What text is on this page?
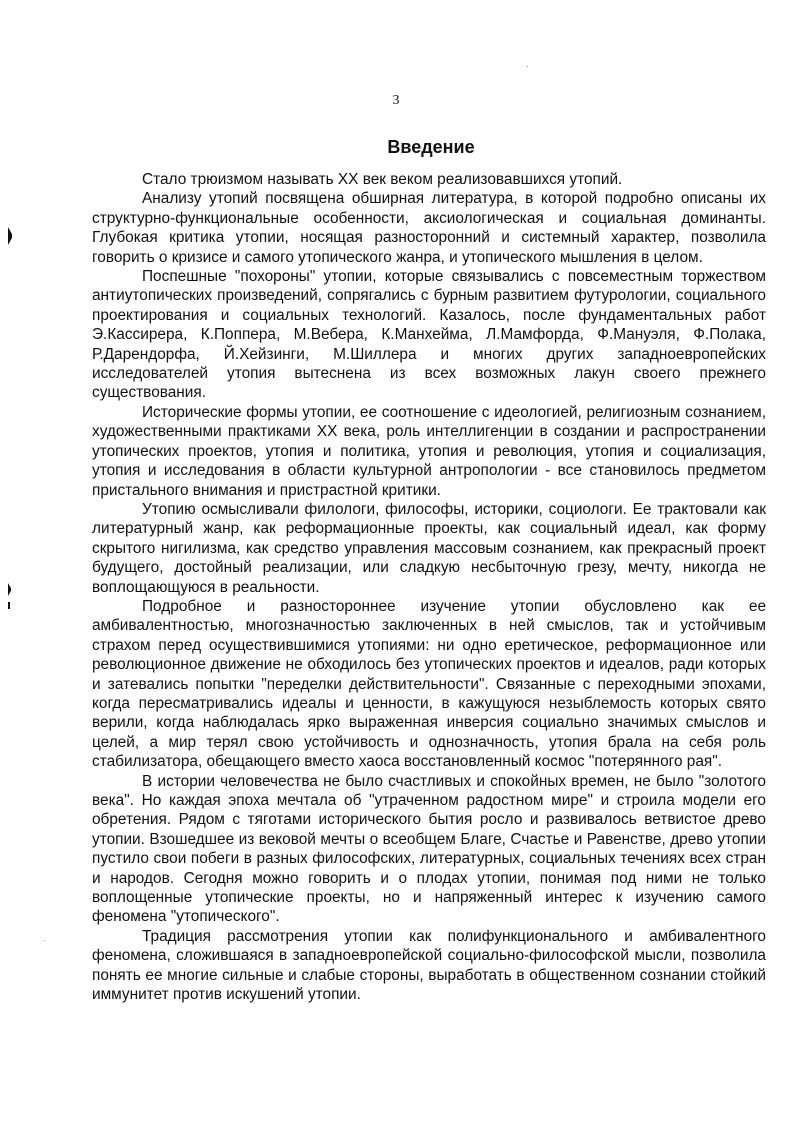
3
Введение

Стало трюизмом называть XX век веком реализовавшихся утопий.

Анализу утопий посвящена обширная литература, в которой подробно описаны их структурно-функциональные особенности, аксиологическая и социальная доминанты. Глубокая критика утопии, носящая разносторонний и системный характер, позволила говорить о кризисе и самого утопического жанра, и утопического мышления в целом.

Поспешные "похороны" утопии, которые связывались с повсеместным торжеством антиутопических произведений, сопрягались с бурным развитием футурологии, социального проектирования и социальных технологий. Казалось, после фундаментальных работ Э.Кассирера, К.Поппера, М.Вебера, К.Манхейма, Л.Мамфорда, Ф.Мануэля, Ф.Полака, Р.Дарендорфа, Й.Хейзинги, М.Шиллера и многих других западноевропейских исследователей утопия вытеснена из всех возможных лакун своего прежнего существования.

Исторические формы утопии, ее соотношение с идеологией, религиозным сознанием, художественными практиками XX века, роль интеллигенции в создании и распространении утопических проектов, утопия и политика, утопия и революция, утопия и социализация, утопия и исследования в области культурной антропологии - все становилось предметом пристального внимания и пристрастной критики.

Утопию осмысливали филологи, философы, историки, социологи. Ее трактовали как литературный жанр, как реформационные проекты, как социальный идеал, как форму скрытого нигилизма, как средство управления массовым сознанием, как прекрасный проект будущего, достойный реализации, или сладкую несбыточную грезу, мечту, никогда не воплощающуюся в реальности.

Подробное и разностороннее изучение утопии обусловлено как ее амбивалентностью, многозначностью заключенных в ней смыслов, так и устойчивым страхом перед осуществившимися утопиями: ни одно еретическое, реформационное или революционное движение не обходилось без утопических проектов и идеалов, ради которых и затевались попытки "переделки действительности". Связанные с переходными эпохами, когда пересматривались идеалы и ценности, в кажущуюся незыблемость которых свято верили, когда наблюдалась ярко выраженная инверсия социально значимых смыслов и целей, а мир терял свою устойчивость и однозначность, утопия брала на себя роль стабилизатора, обещающего вместо хаоса восстановленный космос "потерянного рая".

В истории человечества не было счастливых и спокойных времен, не было "золотого века". Но каждая эпоха мечтала об "утраченном радостном мире" и строила модели его обретения. Рядом с тяготами исторического бытия росло и развивалось ветвистое древо утопии. Взошедшее из вековой мечты о всеобщем Благе, Счастье и Равенстве, древо утопии пустило свои побеги в разных философских, литературных, социальных течениях всех стран и народов. Сегодня можно говорить и о плодах утопии, понимая под ними не только воплощенные утопические проекты, но и напряженный интерес к изучению самого феномена "утопического".

Традиция рассмотрения утопии как полифункционального и амбивалентного феномена, сложившаяся в западноевропейской социально-философской мысли, позволила понять ее многие сильные и слабые стороны, выработать в общественном сознании стойкий иммунитет против искушений утопии.
